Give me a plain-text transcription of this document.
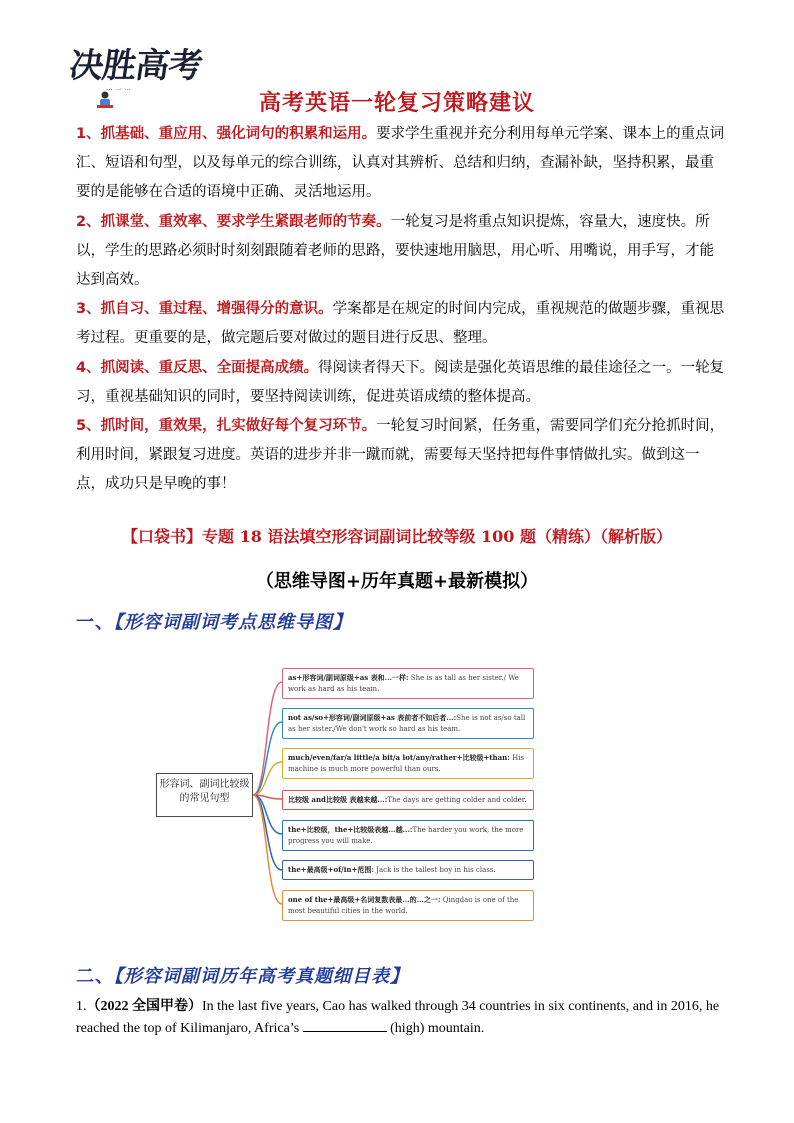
决胜高考
··· 一 ···
高考英语一轮复习策略建议

1、抓基础、重应用、强化词句的积累和运用。要求学生重视并充分利用每单元学案、课本上的重点词汇、短语和句型，以及每单元的综合训练，认真对其辨析、总结和归纳，查漏补缺，坚持积累，最重要的是能够在合适的语境中正确、灵活地运用。

2、抓课堂、重效率、要求学生紧跟老师的节奏。一轮复习是将重点知识提炼，容量大，速度快。所以，学生的思路必须时时刻刻跟随着老师的思路，要快速地用脑思，用心听、用嘴说，用手写，才能达到高效。

3、抓自习、重过程、增强得分的意识。学案都是在规定的时间内完成，重视规范的做题步骤，重视思考过程。更重要的是，做完题后要对做过的题目进行反思、整理。

4、抓阅读、重反思、全面提高成绩。得阅读者得天下。阅读是强化英语思维的最佳途径之一。一轮复习，重视基础知识的同时，要坚持阅读训练，促进英语成绩的整体提高。

5、抓时间，重效果，扎实做好每个复习环节。一轮复习时间紧，任务重，需要同学们充分抢抓时间，利用时间，紧跟复习进度。英语的进步并非一蹴而就，需要每天坚持把每件事情做扎实。做到这一点，成功只是早晚的事！

【口袋书】专题 18 语法填空形容词副词比较等级 100 题（精练）（解析版）
（思维导图+历年真题+最新模拟）
一、【形容词副词考点思维导图】
形容词、副词比较级的常见句型
as+形容词/副词原级+as 表和...一样: She is as tall as her sister./ We work as hard as his team.
not as/so+形容词/副词原级+as 表前者不如后者...:She is not as/so tall as her sister./We don't work so hard as his team.
much/even/far/a little/a bit/a lot/any/rather+比较级+than: His machine is much more powerful than ours.
比较级 and比较级 表越来越...:The days are getting colder and colder.
the+比较级，the+比较级表越...越...:The harder you work, the more progress you will make.
the+最高级+of/in+范围: Jack is the tallest boy in his class.
one of the+最高级+名词复数表最...的...之一: Qingdao is one of the most beautiful cities in the world.
二、【形容词副词历年高考真题细目表】
1.（2022 全国甲卷）In the last five years, Cao has walked through 34 countries in six continents, and in 2016, he reached the top of Kilimanjaro, Africa’s	(high) mountain.
